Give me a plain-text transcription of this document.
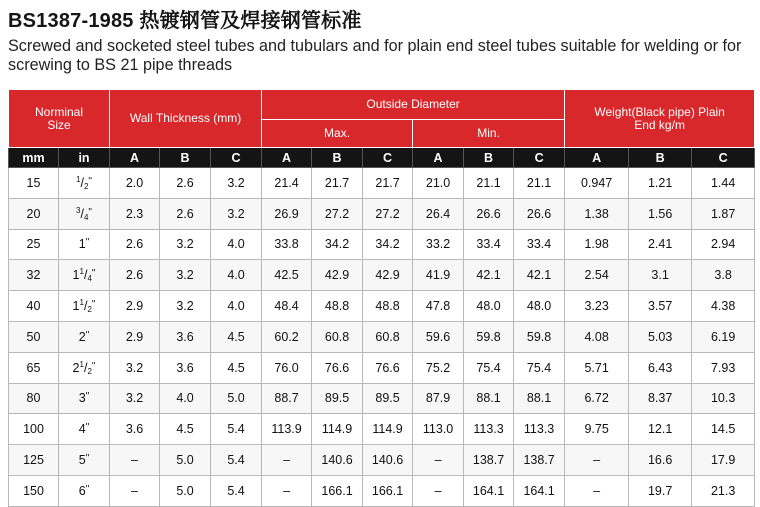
BS1387-1985 热镀钢管及焊接钢管标准
Screwed and socketed steel tubes and tubulars and for plain end steel tubes suitable for welding or for screwing to BS 21 pipe threads
Norminal Size		Wall Thickness (mm)			Outside Diameter						Weight(Black pipe) Plain End kg/m		
					Max.			Min.					
mm	in	A	B	C	A	B	C	A	B	C	A	B	C
15	$^1/_2^"$	2.0	2.6	3.2	21.4	21.7	21.7	21.0	21.1	21.1	0.947	1.21	1.44
20	$^3/_4^"$	2.3	2.6	3.2	26.9	27.2	27.2	26.4	26.6	26.6	1.38	1.56	1.87
25	1"	2.6	3.2	4.0	33.8	34.2	34.2	33.2	33.4	33.4	1.98	2.41	2.94
32	$1^1/_4^"$	2.6	3.2	4.0	42.5	42.9	42.9	41.9	42.1	42.1	2.54	3.1	3.8
40	$1^1/_2^"$	2.9	3.2	4.0	48.4	48.8	48.8	47.8	48.0	48.0	3.23	3.57	4.38
50	2"	2.9	3.6	4.5	60.2	60.8	60.8	59.6	59.8	59.8	4.08	5.03	6.19
65	$2^1/_2^"$	3.2	3.6	4.5	76.0	76.6	76.6	75.2	75.4	75.4	5.71	6.43	7.93
80	3"	3.2	4.0	5.0	88.7	89.5	89.5	87.9	88.1	88.1	6.72	8.37	10.3
100	4"	3.6	4.5	5.4	113.9	114.9	114.9	113.0	113.3	113.3	9.75	12.1	14.5
125	5"	–	5.0	5.4	–	140.6	140.6	–	138.7	138.7	–	16.6	17.9
150	6"	–	5.0	5.4	–	166.1	166.1	–	164.1	164.1	–	19.7	21.3
